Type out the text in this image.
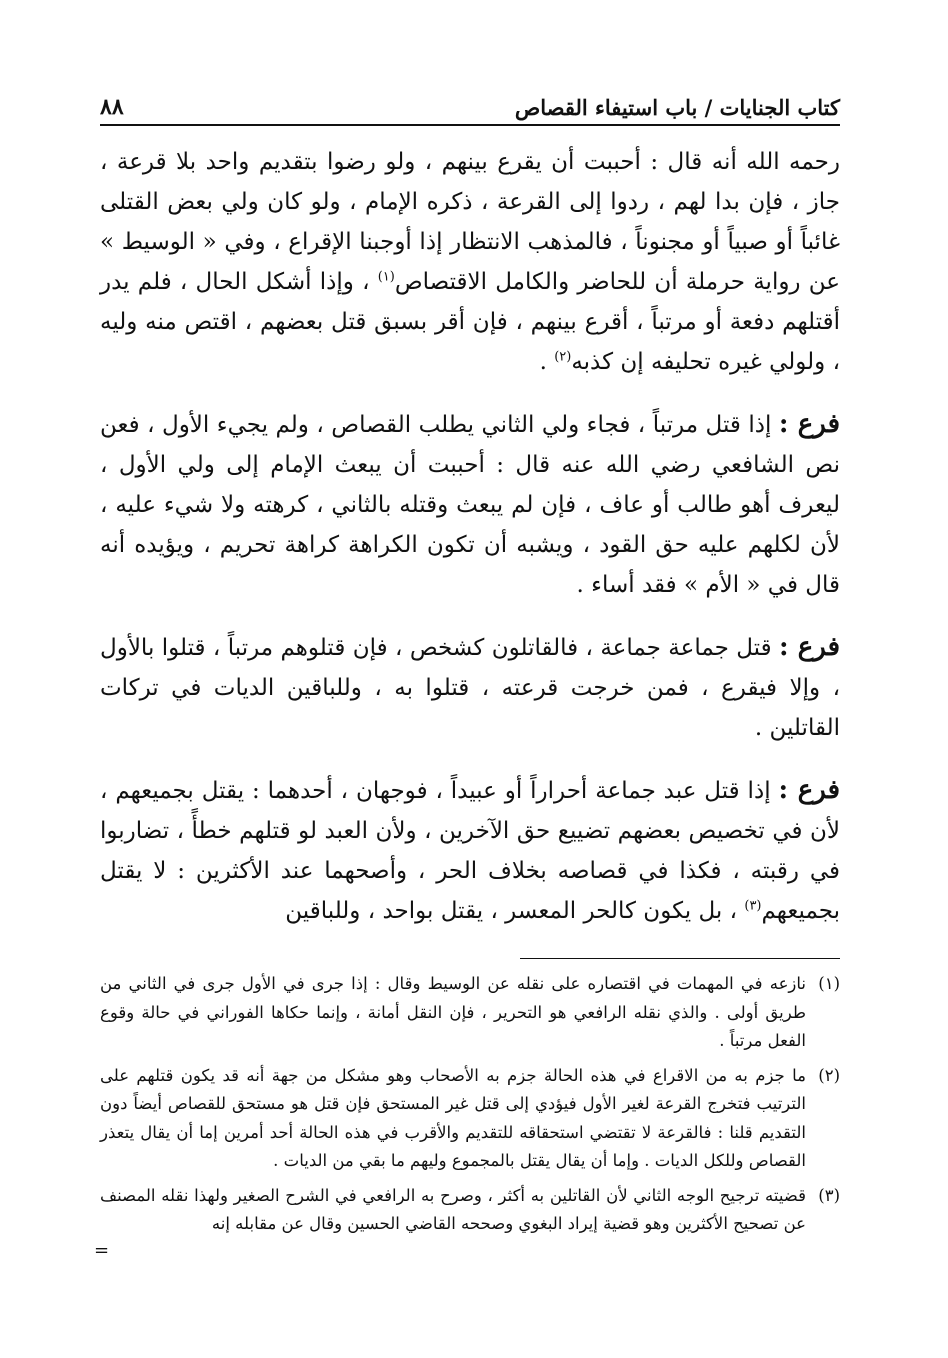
كتاب الجنايات / باب استيفاء القصاص
٨٨

رحمه الله أنه قال : أحببت أن يقرع بينهم ، ولو رضوا بتقديم واحد بلا قرعة ، جاز ، فإن بدا لهم ، ردوا إلى القرعة ، ذكره الإمام ، ولو كان ولي بعض القتلى غائباً أو صبياً أو مجنوناً ، فالمذهب الانتظار إذا أوجبنا الإقراع ، وفي « الوسيط » عن رواية حرملة أن للحاضر والكامل الاقتصاص$^{(١)}$ ، وإذا أشكل الحال ، فلم يدر أقتلهم دفعة أو مرتباً ، أقرع بينهم ، فإن أقر بسبق قتل بعضهم ، اقتص منه وليه ، ولولي غيره تحليفه إن كذبه$^{(٢)}$ .

فرع : إذا قتل مرتباً ، فجاء ولي الثاني يطلب القصاص ، ولم يجيء الأول ، فعن نص الشافعي رضي الله عنه قال : أحببت أن يبعث الإمام إلى ولي الأول ، ليعرف أهو طالب أو عاف ، فإن لم يبعث وقتله بالثاني ، كرهته ولا شيء عليه ، لأن لكلهم عليه حق القود ، ويشبه أن تكون الكراهة كراهة تحريم ، ويؤيده أنه قال في « الأم » فقد أساء .

فرع : قتل جماعة جماعة ، فالقاتلون كشخص ، فإن قتلوهم مرتباً ، قتلوا بالأول ، وإلا فيقرع ، فمن خرجت قرعته ، قتلوا به ، وللباقين الديات في تركات القاتلين .

فرع : إذا قتل عبد جماعة أحراراً أو عبيداً ، فوجهان ، أحدهما : يقتل بجميعهم ، لأن في تخصيص بعضهم تضييع حق الآخرين ، ولأن العبد لو قتلهم خطأً ، تضاربوا في رقبته ، فكذا في قصاصه بخلاف الحر ، وأصحهما عند الأكثرين : لا يقتل بجميعهم$^{(٣)}$ ، بل يكون كالحر المعسر ، يقتل بواحد ، وللباقين

(١)
نازعه في المهمات في اقتصاره على نقله عن الوسيط وقال : إذا جرى في الأول جرى في الثاني من طريق أولى . والذي نقله الرافعي هو التحرير ، فإن النقل أمانة ، وإنما حكاها الفوراني في حالة وقوع الفعل مرتباً .
(٢)
ما جزم به من الاقراع في هذه الحالة جزم به الأصحاب وهو مشكل من جهة أنه قد يكون قتلهم على الترتيب فتخرج القرعة لغير الأول فيؤدي إلى قتل غير المستحق فإن قتل هو مستحق للقصاص أيضاً دون التقديم قلنا : فالقرعة لا تقتضي استحقاقه للتقديم والأقرب في هذه الحالة أحد أمرين إما أن يقال يتعذر القصاص وللكل الديات . وإما أن يقال يقتل بالمجموع وليهم ما بقي من الديات .
(٣)
قضيته ترجيح الوجه الثاني لأن القاتلين به أكثر ، وصرح به الرافعي في الشرح الصغير ولهذا نقله المصنف عن تصحيح الأكثرين وهو قضية إيراد البغوي وصححه القاضي الحسين وقال عن مقابله إنه
=
